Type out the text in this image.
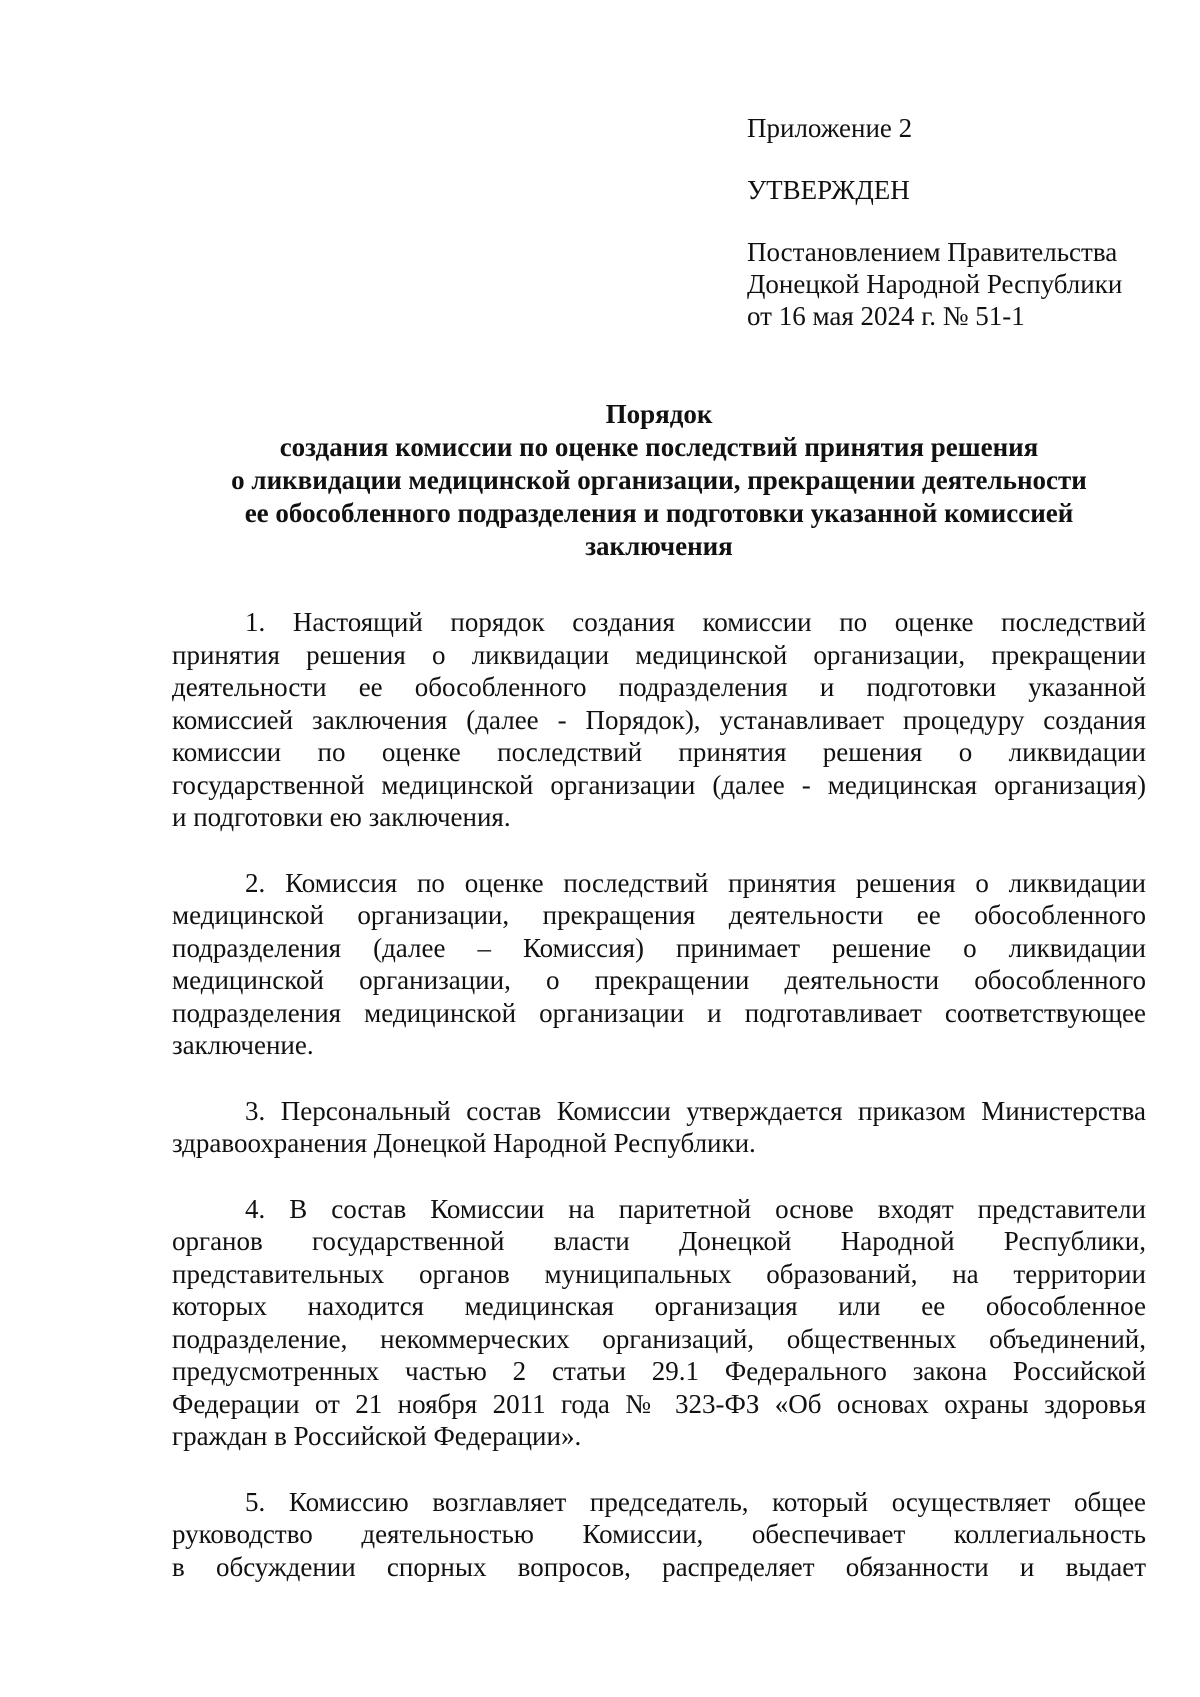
Приложение 2
УТВЕРЖДЕН
Постановлением Правительства
Донецкой Народной Республики
от 16 мая 2024 г. № 51-1
Порядок
создания комиссии по оценке последствий принятия решения
о ликвидации медицинской организации, прекращении деятельности
ее обособленного подразделения и подготовки указанной комиссией
заключения
1. Настоящий порядок создания комиссии по оценке последствий
принятия решения о ликвидации медицинской организации, прекращении
деятельности ее обособленного подразделения и подготовки указанной
комиссией заключения (далее - Порядок), устанавливает процедуру создания
комиссии по оценке последствий принятия решения о ликвидации
государственной медицинской организации (далее - медицинская организация)
и подготовки ею заключения.
2. Комиссия по оценке последствий принятия решения о ликвидации
медицинской организации, прекращения деятельности ее обособленного
подразделения (далее – Комиссия) принимает решение о ликвидации
медицинской организации, о прекращении деятельности обособленного
подразделения медицинской организации и подготавливает соответствующее
заключение.
3. Персональный состав Комиссии утверждается приказом Министерства
здравоохранения Донецкой Народной Республики.
4. В состав Комиссии на паритетной основе входят представители
органов государственной власти Донецкой Народной Республики,
представительных органов муниципальных образований, на территории
которых находится медицинская организация или ее обособленное
подразделение, некоммерческих организаций, общественных объединений,
предусмотренных частью 2 статьи 29.1 Федерального закона Российской
Федерации от 21 ноября 2011 года № 323-ФЗ «Об основах охраны здоровья
граждан в Российской Федерации».
5. Комиссию возглавляет председатель, который осуществляет общее
руководство деятельностью Комиссии, обеспечивает коллегиальность
в обсуждении спорных вопросов, распределяет обязанности и выдает
